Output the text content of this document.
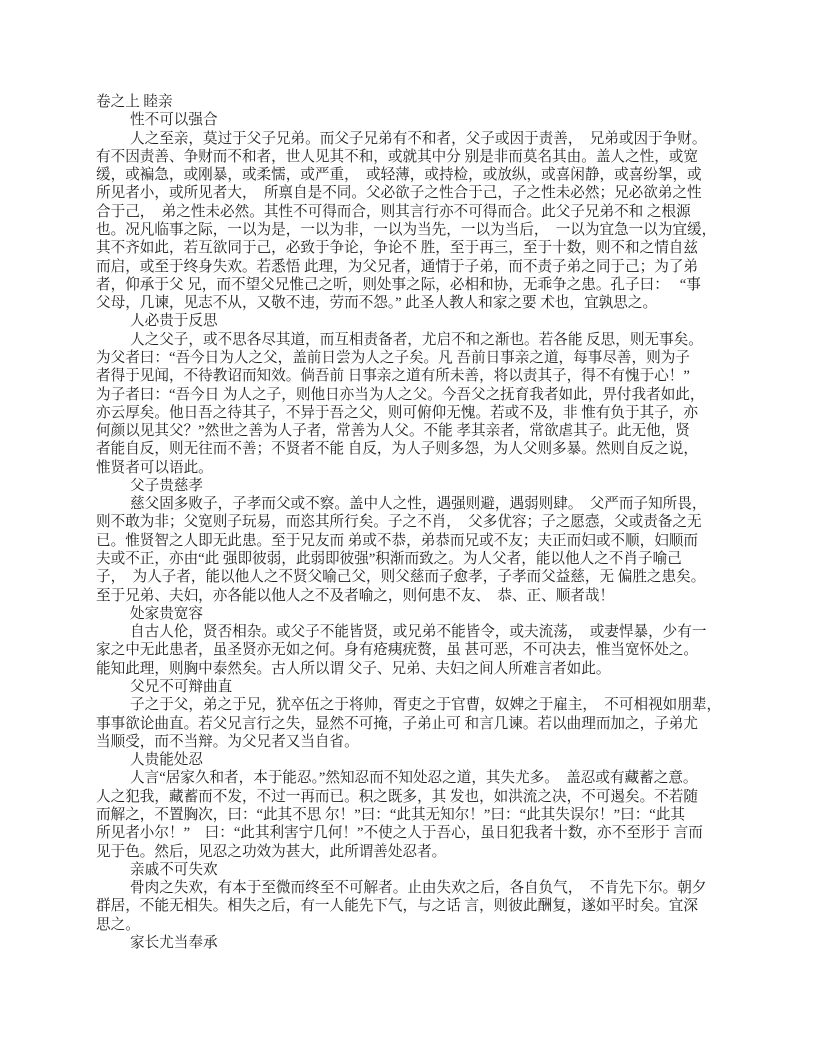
卷之上 睦亲
性不可以强合
人之至亲，莫过于父子兄弟。而父子兄弟有不和者，父子或因于责善，　兄弟或因于争财。
有不因责善、争财而不和者，世人见其不和，或就其中分 别是非而莫名其由。盖人之性，或宽
缓，或褊急，或刚暴，或柔懦，或严重，　或轻薄，或持检，或放纵，或喜闲静，或喜纷挐，或
所见者小，或所见者大，　所禀自是不同。父必欲子之性合于己，子之性未必然；兄必欲弟之性
合于己，　弟之性未必然。其性不可得而合，则其言行亦不可得而合。此父子兄弟不和 之根源
也。况凡临事之际，一以为是，一以为非，一以为当先，一以为当后，　一以为宜急一以为宜缓，
其不齐如此，若互欲同于己，必致于争论，争论不 胜，至于再三，至于十数，则不和之情自兹
而启，或至于终身失欢。若悉悟 此理，为父兄者，通情于子弟，而不责子弟之同于己；为了弟
者，仰承于父 兄，而不望父兄惟己之听，则处事之际，必相和协，无乖争之患。孔子曰：　 “事
父母，几谏，见志不从，又敬不违，劳而不怨。” 此圣人教人和家之要 术也，宜孰思之。
人必贵于反思
人之父子，或不思各尽其道，而互相责备者，尤启不和之渐也。若各能 反思，则无事矣。
为父者曰：“吾今日为人之父，盖前日尝为人之子矣。凡 吾前日事亲之道，每事尽善，则为子
者得于见闻，不待教诏而知效。倘吾前 日事亲之道有所未善，将以责其子，得不有愧于心！”
为子者曰：“吾今日 为人之子，则他日亦当为人之父。今吾父之抚育我者如此，畀付我者如此，
亦云厚矣。他日吾之待其子，不异于吾之父，则可俯仰无愧。若或不及，非 惟有负于其子，亦
何颜以见其父？”然世之善为人子者，常善为人父。不能 孝其亲者，常欲虐其子。此无他，贤
者能自反，则无往而不善；不贤者不能 自反，为人子则多怨，为人父则多暴。然则自反之说，
惟贤者可以语此。
父子贵慈孝
慈父固多败子，子孝而父或不察。盖中人之性，遇强则避，遇弱则肆。　父严而子知所畏，
则不敢为非；父宽则子玩易，而恣其所行矣。子之不肖，　父多优容；子之愿悫，父或责备之无
已。惟贤智之人即无此患。至于兄友而 弟或不恭，弟恭而兄或不友；夫正而妇或不顺，妇顺而
夫或不正，亦由“此 强即彼弱，此弱即彼强”积渐而致之。为人父者，能以他人之不肖子喻己
子，　为人子者，能以他人之不贤父喻己父，则父慈而子愈孝，子孝而父益慈，无 偏胜之患矣。
至于兄弟、夫妇，亦各能以他人之不及者喻之，则何患不友、　恭、正、顺者哉！
处家贵宽容
自古人伦，贤否相杂。或父子不能皆贤，或兄弟不能皆令，或夫流荡，　或妻悍暴，少有一
家之中无此患者，虽圣贤亦无如之何。身有疮痍疣赘，虽 甚可恶，不可决去，惟当宽怀处之。
能知此理，则胸中泰然矣。古人所以谓 父子、兄弟、夫妇之间人所难言者如此。
父兄不可辩曲直
子之于父，弟之于兄，犹卒伍之于将帅，胥吏之于官曹，奴婢之于雇主，　不可相视如朋辈，
事事欲论曲直。若父兄言行之失，显然不可掩，子弟止可 和言几谏。若以曲理而加之，子弟尤
当顺受，而不当辩。为父兄者又当自省。
人贵能处忍
人言“居家久和者，本于能忍。”然知忍而不知处忍之道，其失尤多。　盖忍或有藏蓄之意。
人之犯我，藏蓄而不发，不过一再而已。积之既多，其 发也，如洪流之决，不可遏矣。不若随
而解之，不置胸次，曰：“此其不思 尔！”曰：“此其无知尔！”曰：“此其失误尔！”曰：“此其
所见者小尔！”　曰：“此其利害宁几何！”不使之人于吾心，虽日犯我者十数，亦不至形于 言而
见于色。然后，见忍之功效为甚大，此所谓善处忍者。
亲戚不可失欢
骨肉之失欢，有本于至微而终至不可解者。止由失欢之后，各自负气，　不肯先下尔。朝夕
群居，不能无相失。相失之后，有一人能先下气，与之话 言，则彼此酬复，遂如平时矣。宜深
思之。
家长尤当奉承
